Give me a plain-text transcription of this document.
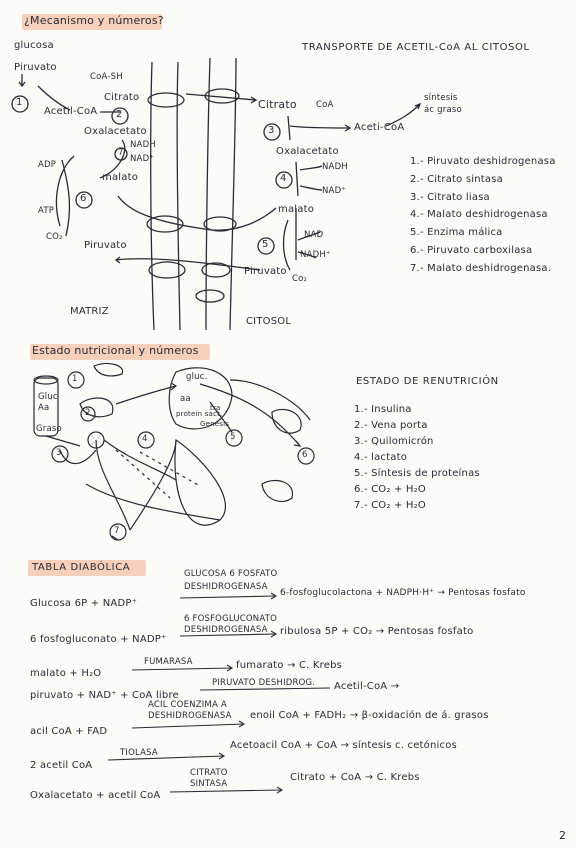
¿Mecanismo y números?
TRANSPORTE DE ACETIL-CoA AL CITOSOL
glucosa
Piruvato
CoA-SH
Acetil-CoA
Citrato
Oxalacetato
NADH
NAD⁺
malato
ADP
ATP
CO₂
Piruvato
MATRIZ
1
2
7
6
Citrato CoA
Aceti-CoA
síntesis
ác graso
Oxalacetato
NADH
NAD⁺
malato
NAD
NADH⁺
Piruvato
Co₂
CITOSOL
3
4
5
1.- Piruvato deshidrogenasa
2.- Citrato sintasa
3.- Citrato liasa
4.- Malato deshidrogenasa
5.- Enzima málica
6.- Piruvato carboxilasa
7.- Malato deshidrogenasa.
Estado nutricional y números
ESTADO DE RENUTRICIÓN
Gluc
Aa
Graso
gluc.
aa
proteín sact.
tra
Genesis
1
2
3
4	5
6
7
1.- Insulina
2.- Vena porta
3.- Quilomicrón
4.- lactato
5.- Síntesis de proteínas
6.- CO₂ + H₂O
7.- CO₂ + H₂O
TABLA DIABÓLICA
Glucosa 6P + NADP⁺
GLUCOSA 6 FOSFATO
DESHIDROGENASA
6-fosfoglucolactona + NADPH·H⁺ → Pentosas fosfato
6 fosfogluconato + NADP⁺
6 FOSFOGLUCONATO
DESHIDROGENASA	ribulosa 5P + CO₂ → Pentosas fosfato
malato + H₂O
FUMARASA	fumarato → C. Krebs
piruvato + NAD⁺ + CoA libre
PIRUVATO DESHIDROG. Acetil-CoA →
acil CoA + FAD
ACIL COENZIMA A
DESHIDROGENASA enoil CoA + FADH₂ → β-oxidación de á. grasos
2 acetil CoA
TIOLASA
Acetoacil CoA + CoA → síntesis c. cetónicos
Oxalacetato + acetil CoA
CITRATO
SINTASA
Citrato + CoA → C. Krebs
2
